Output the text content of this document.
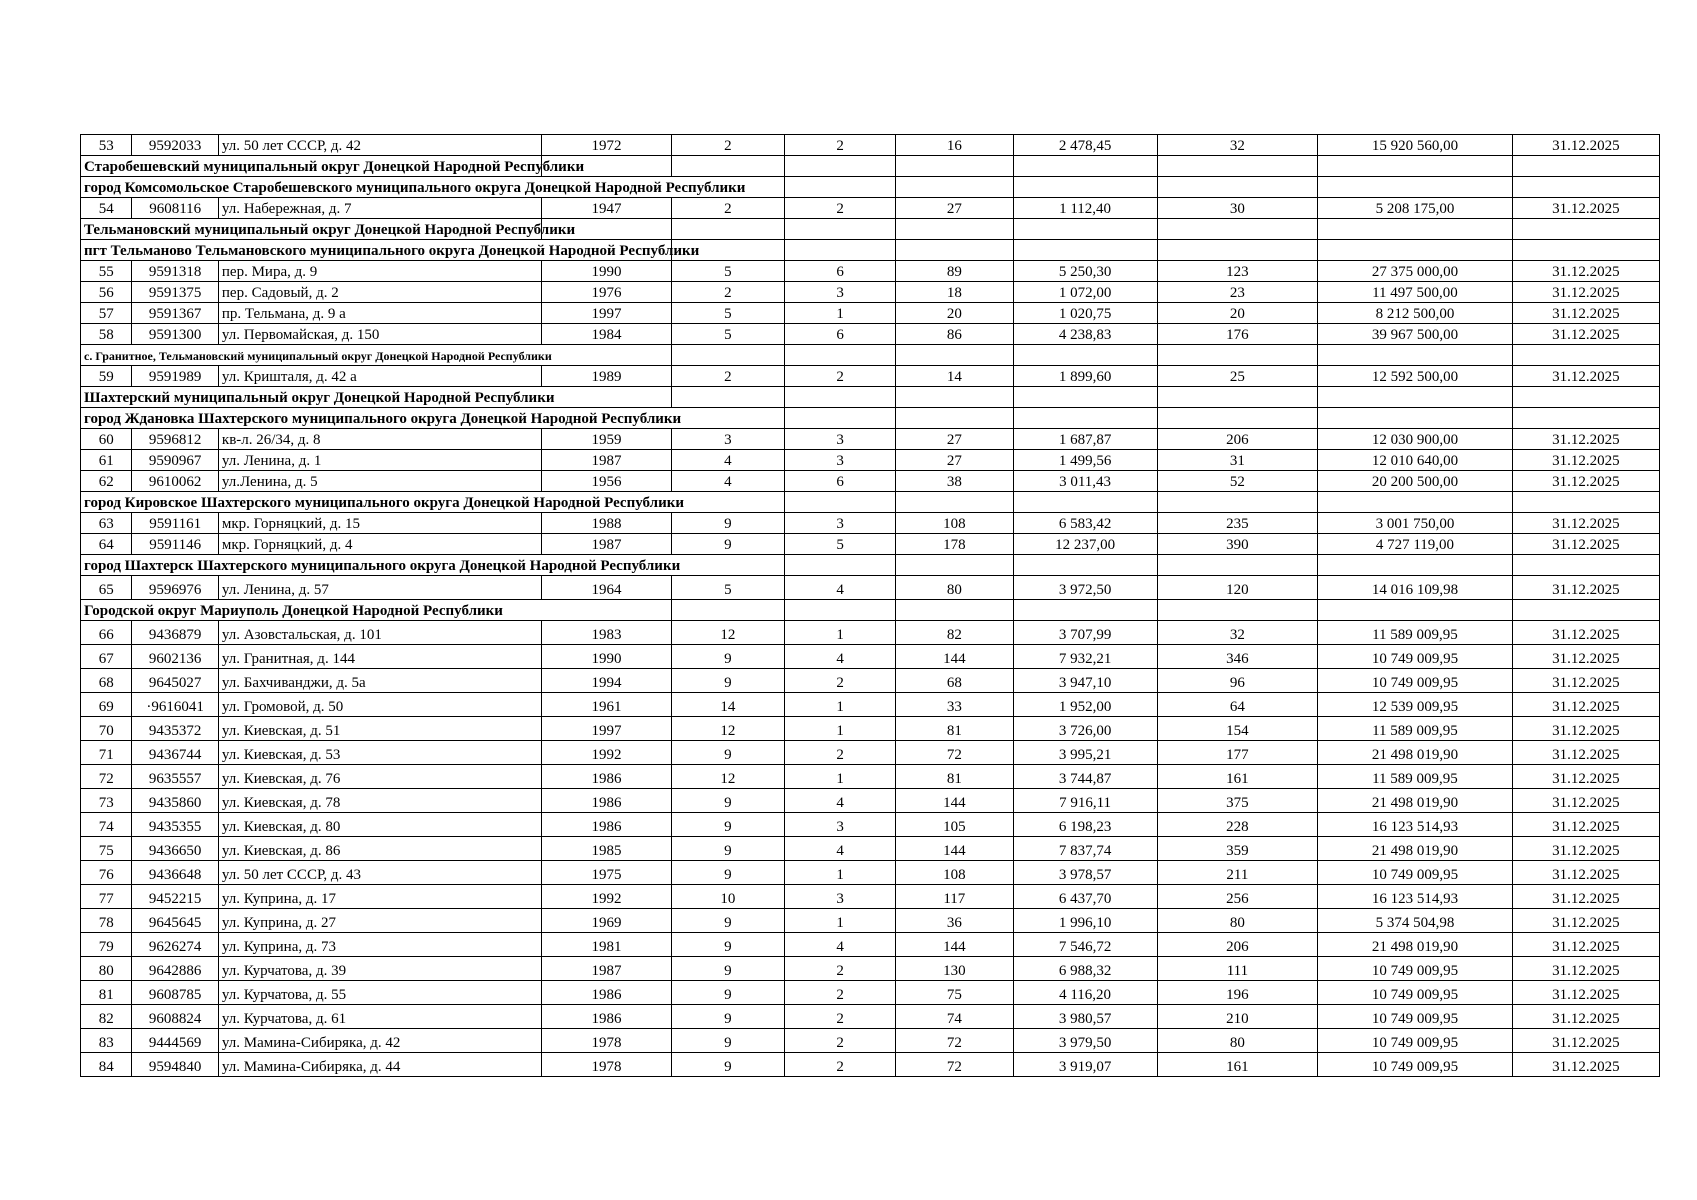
53	9592033	ул. 50 лет СССР, д. 42	1972	2	2	16	2 478,45	32	15 920 560,00	31.12.2025
Старобешевский муниципальный округ Донецкой Народной Республики										
город Комсомольское Старобешевского муниципального округа Донецкой Народной Республики										
54	9608116	ул. Набережная, д. 7	1947	2	2	27	1 112,40	30	5 208 175,00	31.12.2025
Тельмановский муниципальный округ Донецкой Народной Республики										
пгт Тельманово Тельмановского муниципального округа Донецкой Народной Республики										
55	9591318	пер. Мира, д. 9	1990	5	6	89	5 250,30	123	27 375 000,00	31.12.2025
56	9591375	пер. Садовый, д. 2	1976	2	3	18	1 072,00	23	11 497 500,00	31.12.2025
57	9591367	пр. Тельмана, д. 9 а	1997	5	1	20	1 020,75	20	8 212 500,00	31.12.2025
58	9591300	ул. Первомайская, д. 150	1984	5	6	86	4 238,83	176	39 967 500,00	31.12.2025
с. Гранитное, Тельмановский муниципальный округ Донецкой Народной Республики										
59	9591989	ул. Кришталя, д. 42 а	1989	2	2	14	1 899,60	25	12 592 500,00	31.12.2025
Шахтерский муниципальный округ Донецкой Народной Республики										
город Ждановка Шахтерского муниципального округа Донецкой Народной Республики										
60	9596812	кв-л. 26/34, д. 8	1959	3	3	27	1 687,87	206	12 030 900,00	31.12.2025
61	9590967	ул. Ленина, д. 1	1987	4	3	27	1 499,56	31	12 010 640,00	31.12.2025
62	9610062	ул.Ленина, д. 5	1956	4	6	38	3 011,43	52	20 200 500,00	31.12.2025
город Кировское Шахтерского муниципального округа Донецкой Народной Республики										
63	9591161	мкр. Горняцкий, д. 15	1988	9	3	108	6 583,42	235	3 001 750,00	31.12.2025
64	9591146	мкр. Горняцкий, д. 4	1987	9	5	178	12 237,00	390	4 727 119,00	31.12.2025
город Шахтерск Шахтерского муниципального округа Донецкой Народной Республики										
65	9596976	ул. Ленина, д. 57	1964	5	4	80	3 972,50	120	14 016 109,98	31.12.2025
Городской округ Мариуполь Донецкой Народной Республики										
66	9436879	ул. Азовстальская, д. 101	1983	12	1	82	3 707,99	32	11 589 009,95	31.12.2025
67	9602136	ул. Гранитная, д. 144	1990	9	4	144	7 932,21	346	10 749 009,95	31.12.2025
68	9645027	ул. Бахчиванджи, д. 5а	1994	9	2	68	3 947,10	96	10 749 009,95	31.12.2025
69	·9616041	ул. Громовой, д. 50	1961	14	1	33	1 952,00	64	12 539 009,95	31.12.2025
70	9435372	ул. Киевская, д. 51	1997	12	1	81	3 726,00	154	11 589 009,95	31.12.2025
71	9436744	ул. Киевская, д. 53	1992	9	2	72	3 995,21	177	21 498 019,90	31.12.2025
72	9635557	ул. Киевская, д. 76	1986	12	1	81	3 744,87	161	11 589 009,95	31.12.2025
73	9435860	ул. Киевская, д. 78	1986	9	4	144	7 916,11	375	21 498 019,90	31.12.2025
74	9435355	ул. Киевская, д. 80	1986	9	3	105	6 198,23	228	16 123 514,93	31.12.2025
75	9436650	ул. Киевская, д. 86	1985	9	4	144	7 837,74	359	21 498 019,90	31.12.2025
76	9436648	ул. 50 лет СССР, д. 43	1975	9	1	108	3 978,57	211	10 749 009,95	31.12.2025
77	9452215	ул. Куприна, д. 17	1992	10	3	117	6 437,70	256	16 123 514,93	31.12.2025
78	9645645	ул. Куприна, д. 27	1969	9	1	36	1 996,10	80	5 374 504,98	31.12.2025
79	9626274	ул. Куприна, д. 73	1981	9	4	144	7 546,72	206	21 498 019,90	31.12.2025
80	9642886	ул. Курчатова, д. 39	1987	9	2	130	6 988,32	111	10 749 009,95	31.12.2025
81	9608785	ул. Курчатова, д. 55	1986	9	2	75	4 116,20	196	10 749 009,95	31.12.2025
82	9608824	ул. Курчатова, д. 61	1986	9	2	74	3 980,57	210	10 749 009,95	31.12.2025
83	9444569	ул. Мамина-Сибиряка, д. 42	1978	9	2	72	3 979,50	80	10 749 009,95	31.12.2025
84	9594840	ул. Мамина-Сибиряка, д. 44	1978	9	2	72	3 919,07	161	10 749 009,95	31.12.2025
